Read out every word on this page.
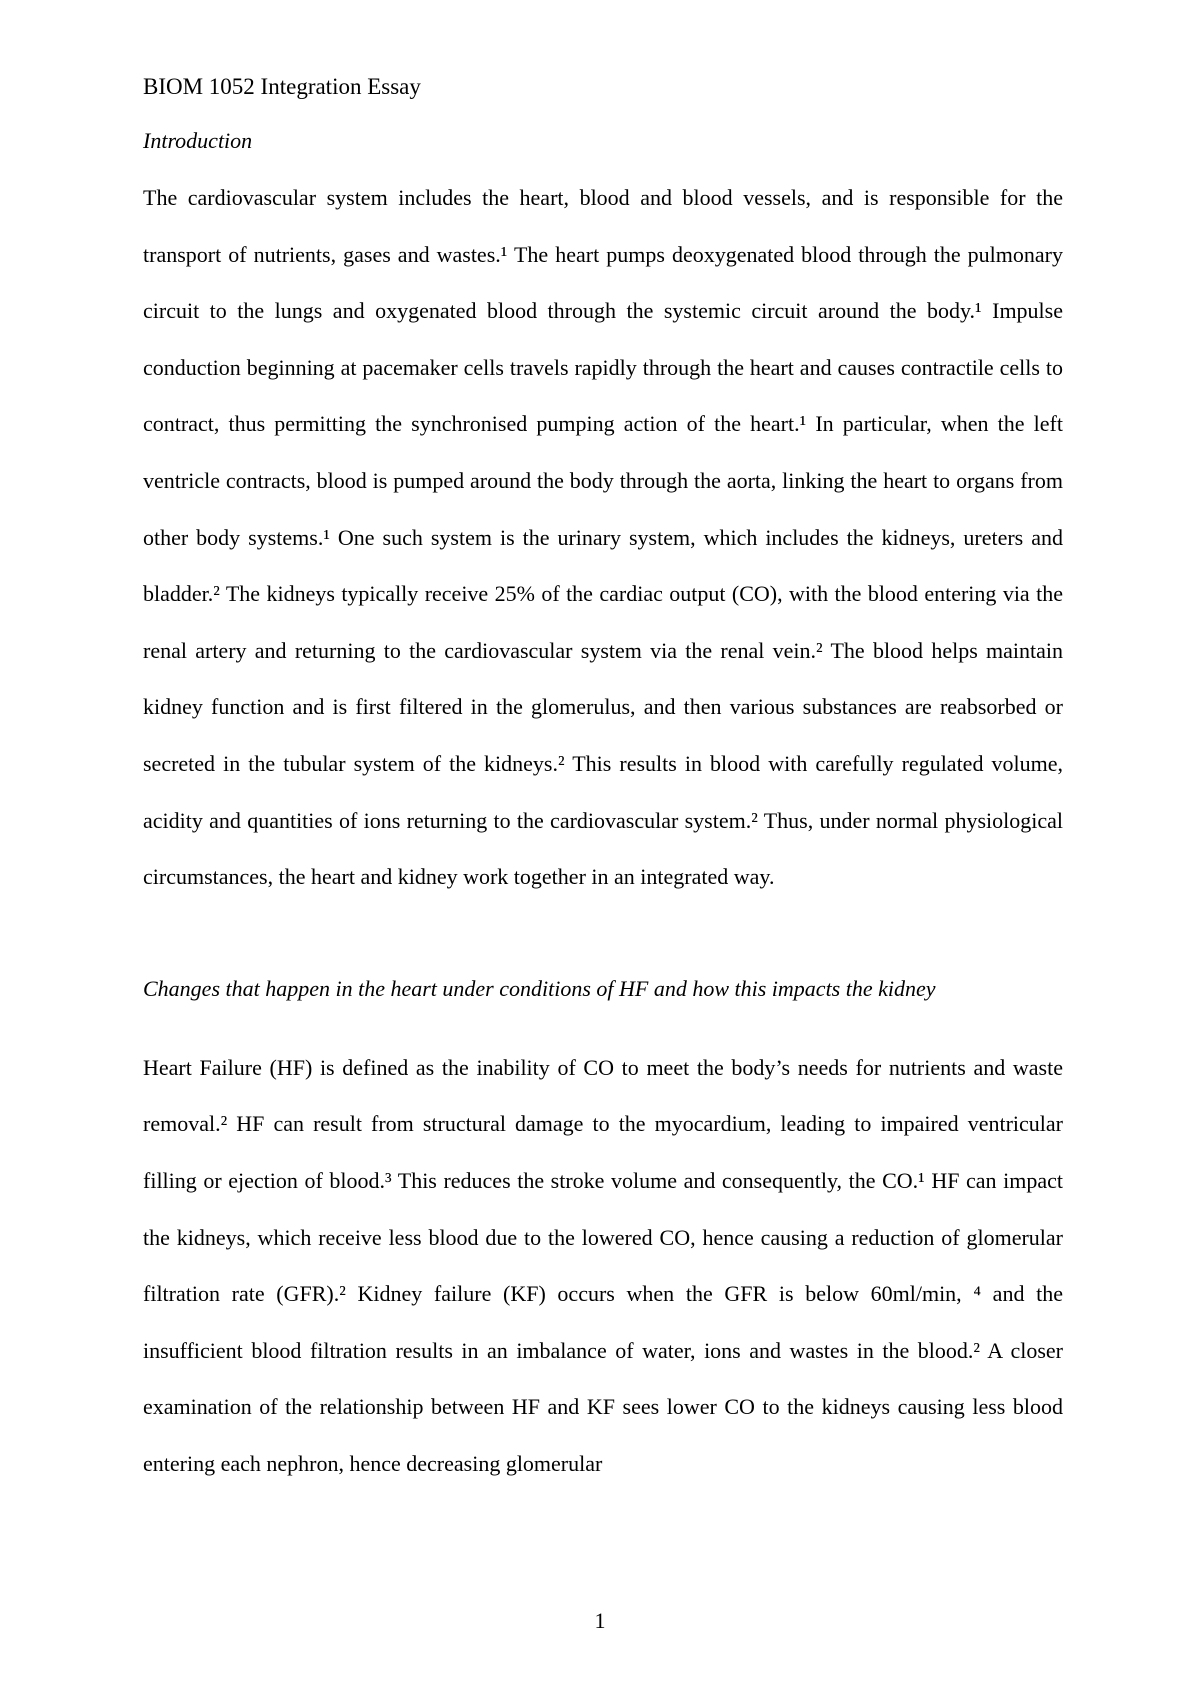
BIOM 1052 Integration Essay
Introduction

The cardiovascular system includes the heart, blood and blood vessels, and is responsible for the transport of nutrients, gases and wastes.¹ The heart pumps deoxygenated blood through the pulmonary circuit to the lungs and oxygenated blood through the systemic circuit around the body.¹ Impulse conduction beginning at pacemaker cells travels rapidly through the heart and causes contractile cells to contract, thus permitting the synchronised pumping action of the heart.¹ In particular, when the left ventricle contracts, blood is pumped around the body through the aorta, linking the heart to organs from other body systems.¹ One such system is the urinary system, which includes the kidneys, ureters and bladder.² The kidneys typically receive 25% of the cardiac output (CO), with the blood entering via the renal artery and returning to the cardiovascular system via the renal vein.² The blood helps maintain kidney function and is first filtered in the glomerulus, and then various substances are reabsorbed or secreted in the tubular system of the kidneys.² This results in blood with carefully regulated volume, acidity and quantities of ions returning to the cardiovascular system.² Thus, under normal physiological circumstances, the heart and kidney work together in an integrated way.

Changes that happen in the heart under conditions of HF and how this impacts the kidney

Heart Failure (HF) is defined as the inability of CO to meet the body’s needs for nutrients and waste removal.² HF can result from structural damage to the myocardium, leading to impaired ventricular filling or ejection of blood.³ This reduces the stroke volume and consequently, the CO.¹ HF can impact the kidneys, which receive less blood due to the lowered CO, hence causing a reduction of glomerular filtration rate (GFR).² Kidney failure (KF) occurs when the GFR is below 60ml/min, ⁴ and the insufficient blood filtration results in an imbalance of water, ions and wastes in the blood.² A closer examination of the relationship between HF and KF sees lower CO to the kidneys causing less blood entering each nephron, hence decreasing glomerular

1
